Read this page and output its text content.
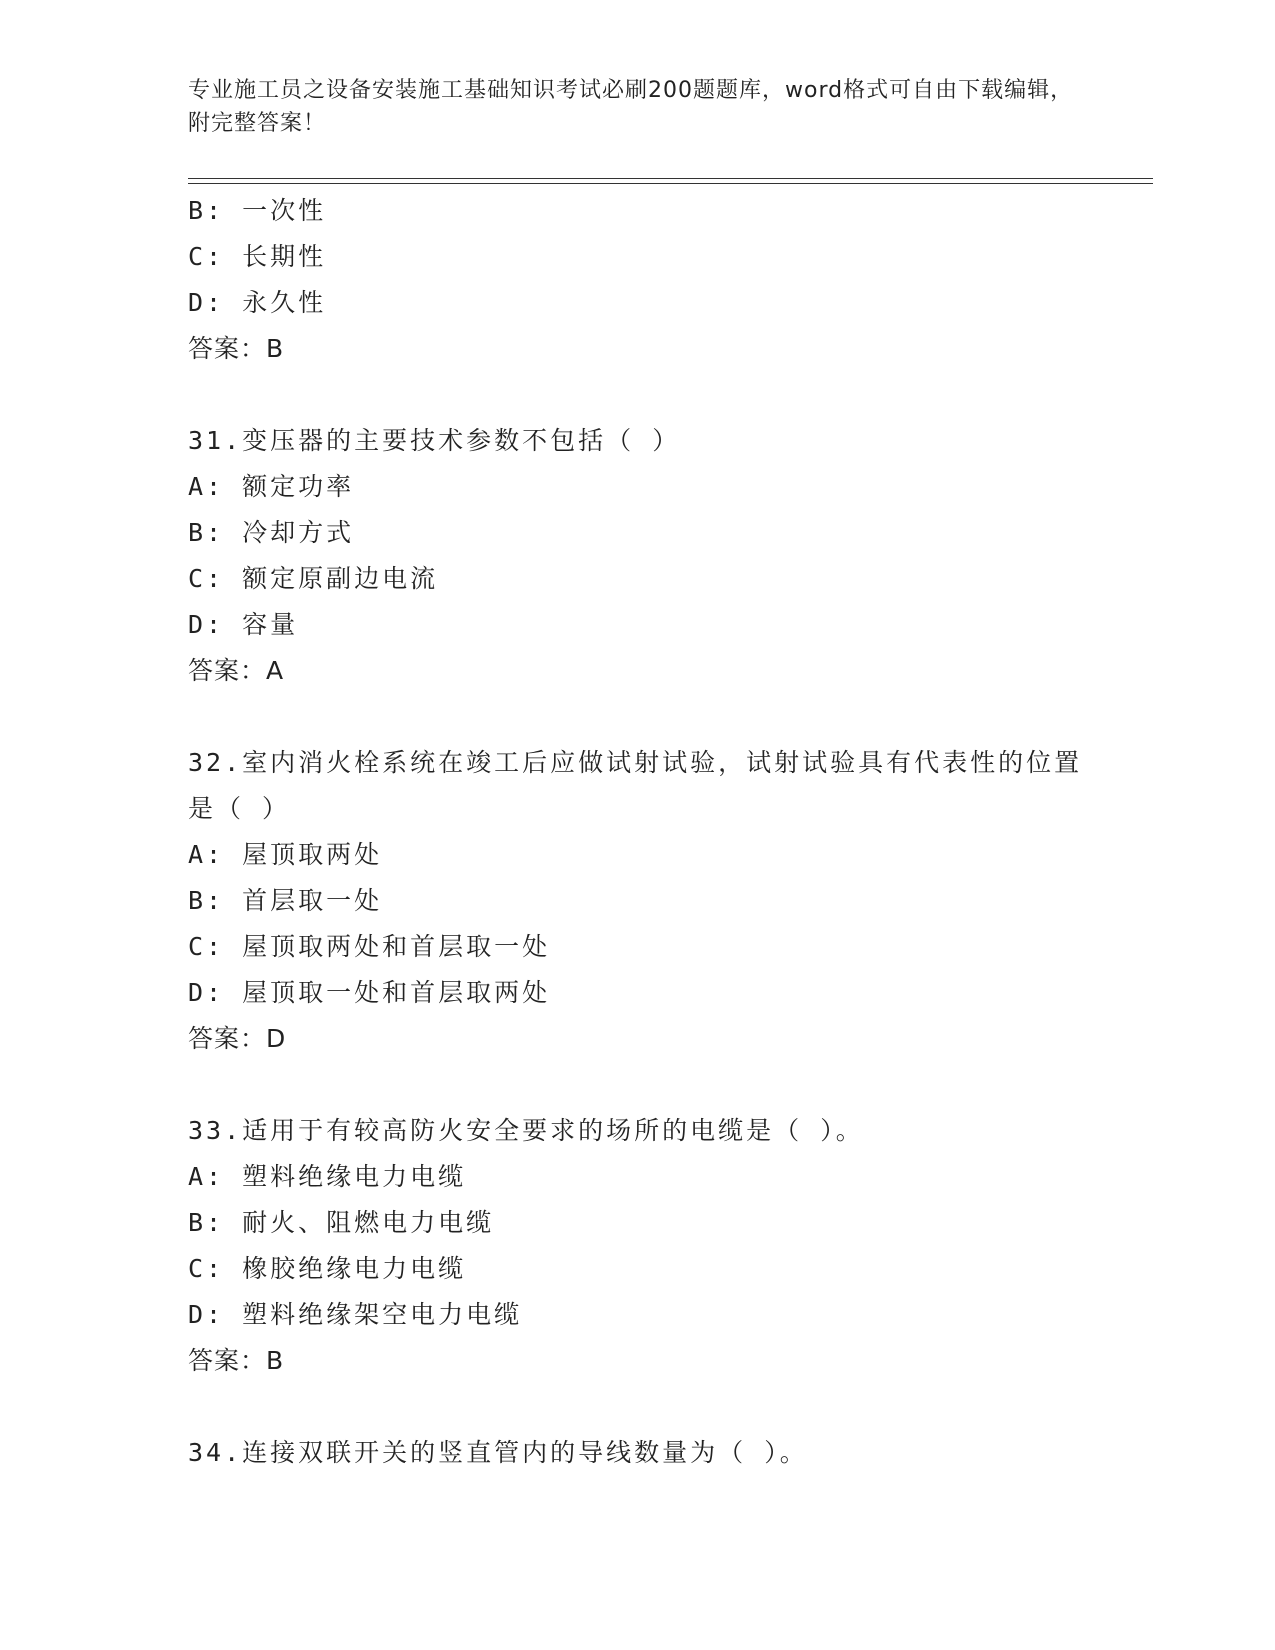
专业施工员之设备安装施工基础知识考试必刷200题题库，word格式可自由下载编辑，附完整答案！
B: 一次性
C: 长期性
D: 永久性
答案：B
31.变压器的主要技术参数不包括（ ）
A: 额定功率
B: 冷却方式
C: 额定原副边电流
D: 容量
答案：A
32.室内消火栓系统在竣工后应做试射试验，试射试验具有代表性的位置是（ ）
A: 屋顶取两处
B: 首层取一处
C: 屋顶取两处和首层取一处
D: 屋顶取一处和首层取两处
答案：D
33.适用于有较高防火安全要求的场所的电缆是（ ）。
A: 塑料绝缘电力电缆
B: 耐火、阻燃电力电缆
C: 橡胶绝缘电力电缆
D: 塑料绝缘架空电力电缆
答案：B
34.连接双联开关的竖直管内的导线数量为（ ）。
